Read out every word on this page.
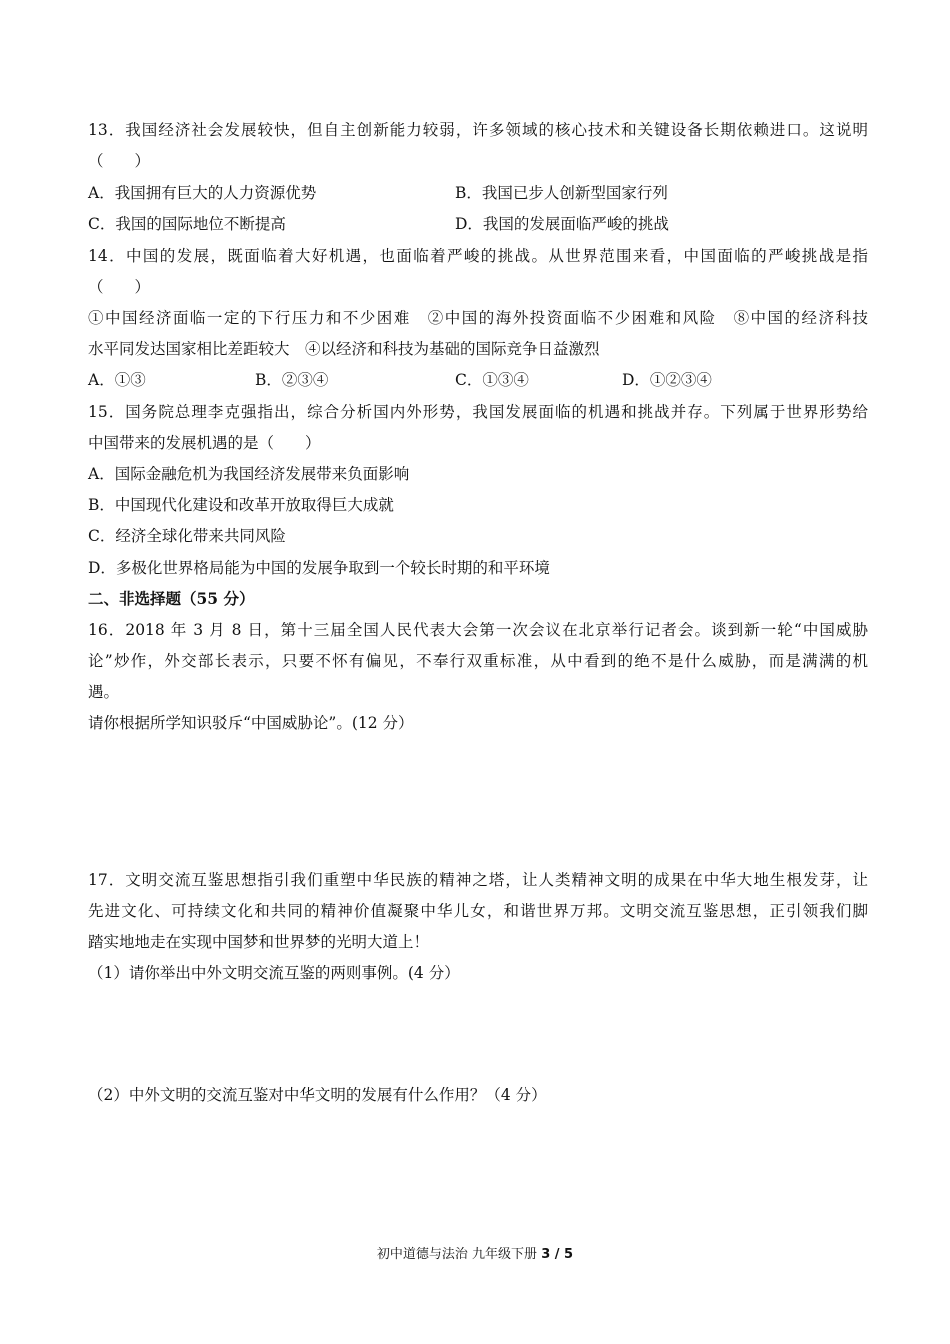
13．我国经济社会发展较快，但自主创新能力较弱，许多领域的核心技术和关键设备长期依赖进口。这说明
（　　）
A．我国拥有巨大的人力资源优势	B．我国已步人创新型国家行列
C．我国的国际地位不断提高	D．我国的发展面临严峻的挑战
14．中国的发展，既面临着大好机遇，也面临着严峻的挑战。从世界范围来看，中国面临的严峻挑战是指
（　　）
①中国经济面临一定的下行压力和不少困难　②中国的海外投资面临不少困难和风险　⑧中国的经济科技
水平同发达国家相比差距较大　④以经济和科技为基础的国际竞争日益激烈
A．①③	B．②③④	C．①③④	D．①②③④
15．国务院总理李克强指出，综合分析国内外形势，我国发展面临的机遇和挑战并存。下列属于世界形势给
中国带来的发展机遇的是（　　）
A．国际金融危机为我国经济发展带来负面影响
B．中国现代化建设和改革开放取得巨大成就
C．经济全球化带来共同风险
D．多极化世界格局能为中国的发展争取到一个较长时期的和平环境
二、非选择题（55 分）
16．2018 年 3 月 8 日，第十三届全国人民代表大会第一次会议在北京举行记者会。谈到新一轮“中国威胁
论”炒作，外交部长表示，只要不怀有偏见，不奉行双重标准，从中看到的绝不是什么威胁，而是满满的机
遇。
请你根据所学知识驳斥“中国威胁论”。(12 分）
17．文明交流互鉴思想指引我们重塑中华民族的精神之塔，让人类精神文明的成果在中华大地生根发芽，让
先进文化、可持续文化和共同的精神价值凝聚中华儿女，和谐世界万邦。文明交流互鉴思想，正引领我们脚
踏实地地走在实现中国梦和世界梦的光明大道上！
（1）请你举出中外文明交流互鉴的两则事例。(4 分）
（2）中外文明的交流互鉴对中华文明的发展有什么作用？（4 分）
初中道德与法治 九年级下册 3 / 5
